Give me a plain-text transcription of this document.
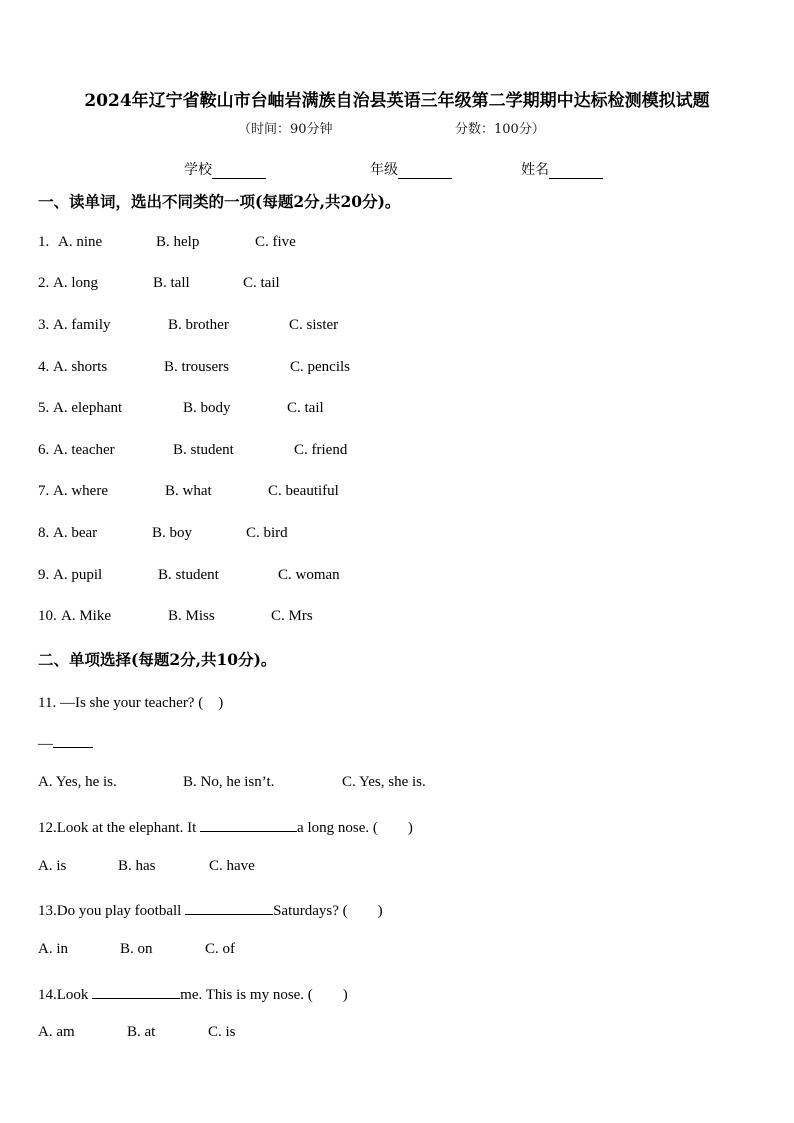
2024年辽宁省鞍山市台岫岩满族自治县英语三年级第二学期期中达标检测模拟试题
（时间：90分钟	分数：100分）
学校	年级	姓名
一、读单词，选出不同类的一项(每题2分,共20分)。
1. A. nine	B. help	C. five
2. A. long	B. tall	C. tail
3. A. family	B. brother	C. sister
4. A. shorts	B. trousers	C. pencils
5. A. elephant	B. body	C. tail
6. A. teacher	B. student	C. friend
7. A. where	B. what	C. beautiful
8. A. bear	B. boy	C. bird
9. A. pupil	B. student	C. woman
10. A. Mike	B. Miss	C. Mrs
二、单项选择(每题2分,共10分)。
11. —Is she your teacher? (　)
—
A. Yes, he is.	B. No, he isn’t.	C. Yes, she is.
12.Look at the elephant. It	a long nose. (　　)
A. is	B. has	C. have
13.Do you play football	Saturdays? (　　)
A. in	B. on	C. of
14.Look	me. This is my nose. (　　)
A. am	B. at	C. is
